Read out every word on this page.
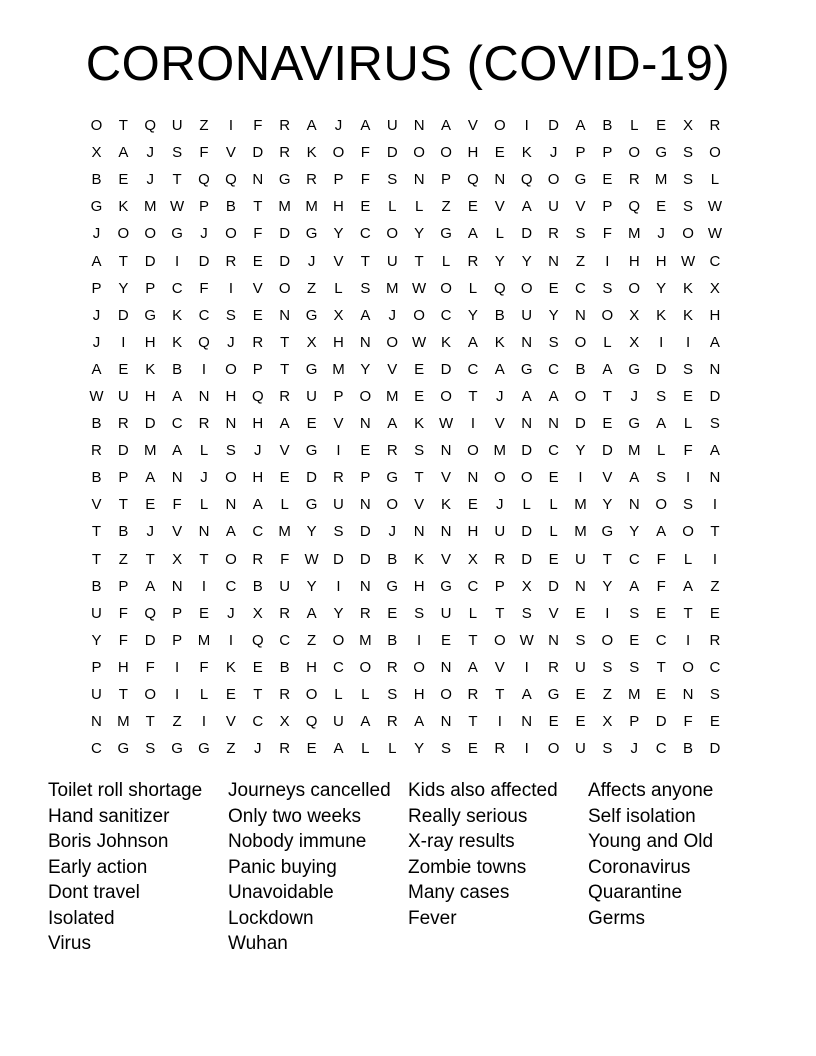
CORONAVIRUS (COVID-19)
O	T	Q	U	Z	I	F	R	A	J	A	U	N	A	V	O	I	D	A	B	L	E	X	R
X	A	J	S	F	V	D	R	K	O	F	D	O	O	H	E	K	J	P	P	O	G	S	O
B	E	J	T	Q	Q	N	G	R	P	F	S	N	P	Q	N	Q	O	G	E	R	M	S	L
G	K	M W P	B	T	M M	H	E	L	L	Z	E	V	A	U	V	P	Q	E	S W
J	O	O	G	J	O	F	D	G	Y	C	O	Y	G	A	L	D	R	S	F	M	J	O W
A	T	D	I	D	R	E	D	J	V	T	U	T	L	R	Y	Y	N	Z	I	H	H W C
P	Y	P	C	F	I	V	O	Z	L	S	M W O	L	Q	O	E	C	S	O	Y	K	X
J	D	G	K	C	S	E	N	G	X	A	J	O	C	Y	B	U	Y	N	O	X	K	K	H
J	I	H	K	Q	J	R	T	X	H	N	O W K	A	K	N	S	O	L	X	I	I	A
A	E	K	B	I	O	P	T	G M	Y	V	E	D	C	A	G	C	B	A	G	D	S	N
W U	H	A	N	H	Q	R	U	P	O M	E	O	T	J	A	A	O	T	J	S	E	D
B	R	D	C	R	N	H	A	E	V	N	A	K W	I	V	N	N	D	E	G	A	L	S
R	D	M	A	L	S	J	V	G	I	E	R	S	N	O M	D	C	Y	D	M	L	F	A
B	P	A	N	J	O	H	E	D	R	P	G	T	V	N	O	O	E	I	V	A	S	I	N
V	T	E	F	L	N	A	L	G	U	N	O	V	K	E	J	L	L	M	Y	N	O	S	I
T	B	J	V	N	A	C	M	Y	S	D	J	N	N	H	U	D	L	M G	Y	A	O	T
T	Z	T	X	T	O	R	F	W D	D	B	K	V	X	R	D	E	U	T	C	F	L	I
B	P	A	N	I	C	B	U	Y	I	N	G	H	G	C	P	X	D	N	Y	A	F	A	Z
U	F	Q	P	E	J	X	R	A	Y	R	E	S	U	L	T	S	V	E	I	S	E	T	E
Y	F	D	P	M	I	Q	C	Z	O M	B	I	E	T	O W N	S	O	E	C	I	R
P	H	F	I	F	K	E	B	H	C	O	R	O	N	A	V	I	R	U	S	S	T	O	C
U	T	O	I	L	E	T	R	O	L	L	S	H	O	R	T	A	G	E	Z	M	E	N	S
N	M	T	Z	I	V	C	X	Q	U	A	R	A	N	T	I	N	E	E	X	P	D	F	E
C	G	S	G	G	Z	J	R	E	A	L	L	Y	S	E	R	I	O	U	S	J	C	B	D
Toilet roll shortage
Hand sanitizer
Boris Johnson
Early action
Dont travel
Isolated
Virus
Journeys cancelled
Only two weeks
Nobody immune
Panic buying
Unavoidable
Lockdown
Wuhan
Kids also affected
Really serious
X-ray results
Zombie towns
Many cases
Fever
Affects anyone
Self isolation
Young and Old
Coronavirus
Quarantine
Germs
